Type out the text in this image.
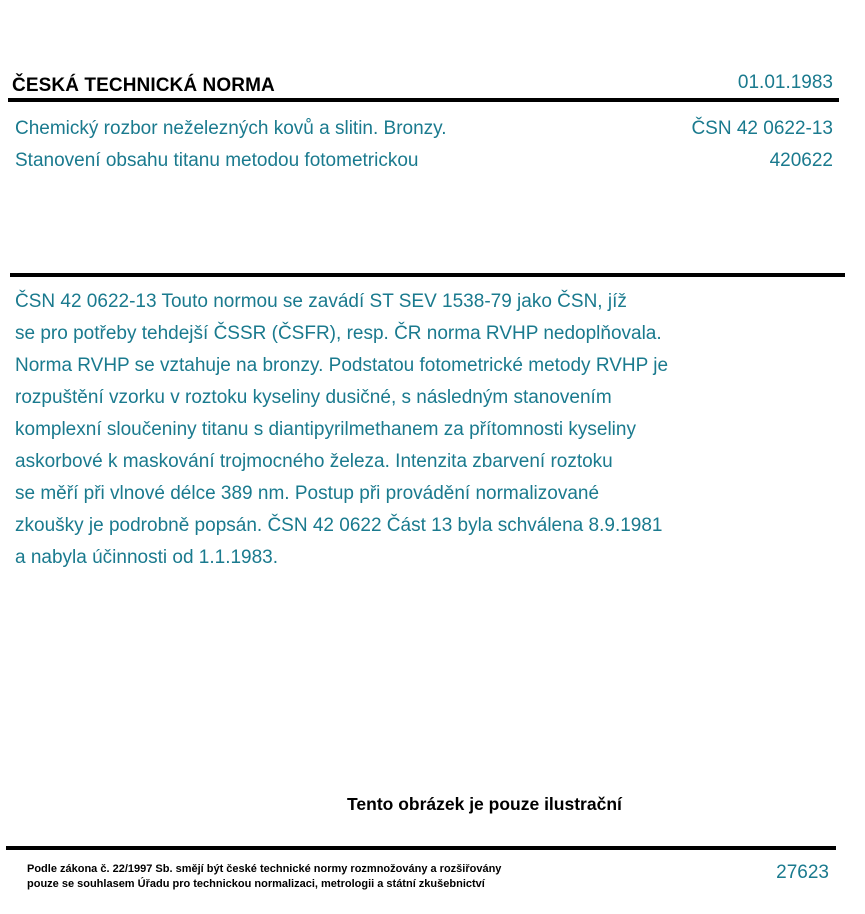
ČESKÁ TECHNICKÁ NORMA	01.01.1983
Chemický rozbor neželezných kovů a slitin. Bronzy.
Stanovení obsahu titanu metodou fotometrickou
ČSN 42 0622-13
420622
ČSN 42 0622-13 Touto normou se zavádí ST SEV 1538-79 jako ČSN, jíž
se pro potřeby tehdejší ČSSR (ČSFR), resp. ČR norma RVHP nedoplňovala.
Norma RVHP se vztahuje na bronzy. Podstatou fotometrické metody RVHP je
rozpuštění vzorku v roztoku kyseliny dusičné, s následným stanovením
komplexní sloučeniny titanu s diantipyrilmethanem za přítomnosti kyseliny
askorbové k maskování trojmocného železa. Intenzita zbarvení roztoku
se měří při vlnové délce 389 nm. Postup při provádění normalizované
zkoušky je podrobně popsán. ČSN 42 0622 Část 13 byla schválena 8.9.1981
a nabyla účinnosti od 1.1.1983.
Tento obrázek je pouze ilustrační
Podle zákona č. 22/1997 Sb. smějí být české technické normy rozmnožovány a rozšiřovány
pouze se souhlasem Úřadu pro technickou normalizaci, metrologii a státní zkušebnictví
27623
